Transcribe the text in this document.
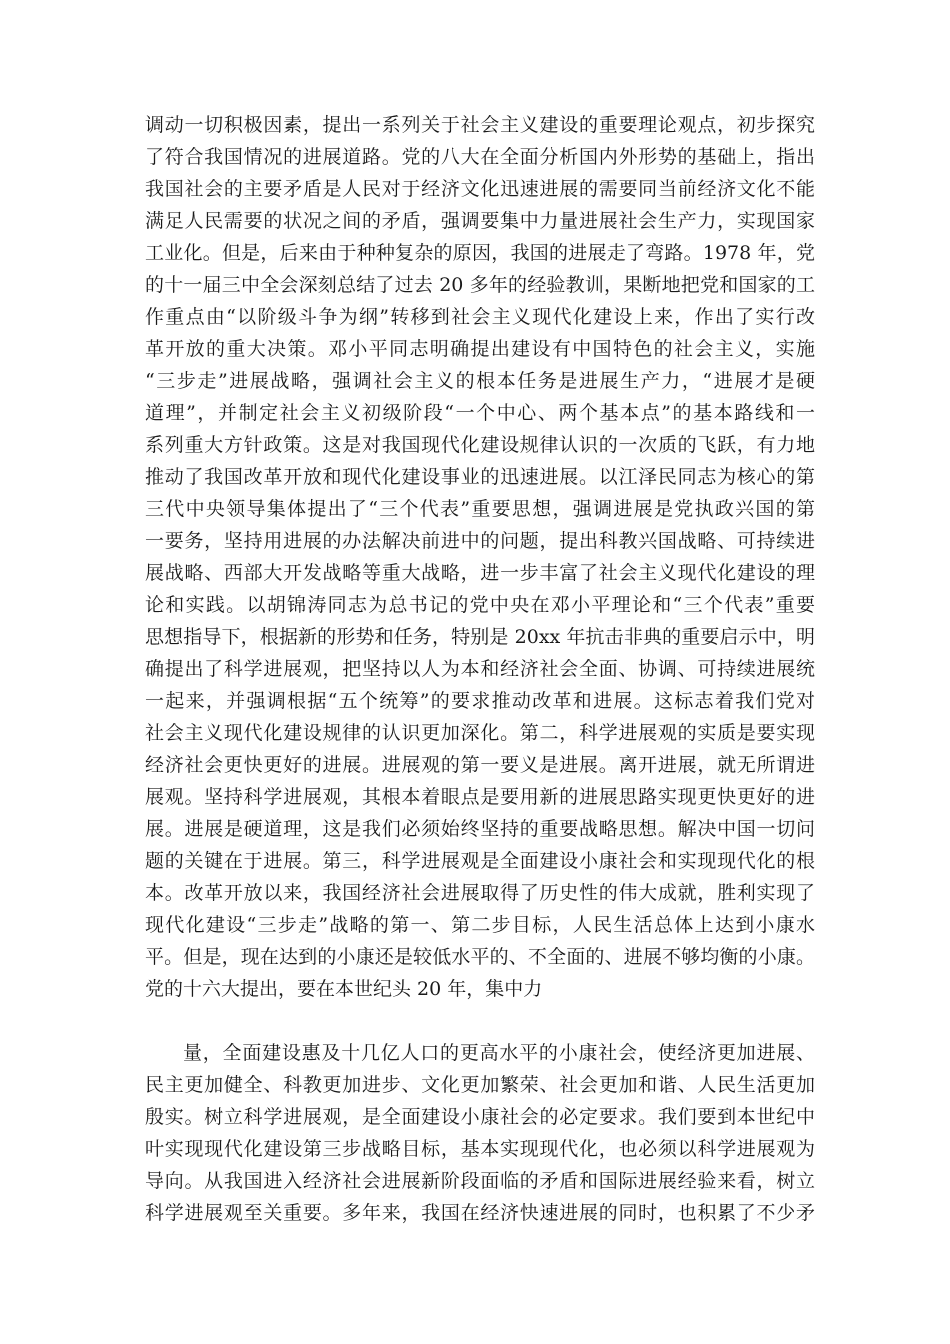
调动一切积极因素，提出一系列关于社会主义建设的重要理论观点，初步探究
了符合我国情况的进展道路。党的八大在全面分析国内外形势的基础上，指出
我国社会的主要矛盾是人民对于经济文化迅速进展的需要同当前经济文化不能
满足人民需要的状况之间的矛盾，强调要集中力量进展社会生产力，实现国家
工业化。但是，后来由于种种复杂的原因，我国的进展走了弯路。1978 年，党
的十一届三中全会深刻总结了过去 20 多年的经验教训，果断地把党和国家的工
作重点由“以阶级斗争为纲”转移到社会主义现代化建设上来，作出了实行改
革开放的重大决策。邓小平同志明确提出建设有中国特色的社会主义，实施
“三步走”进展战略，强调社会主义的根本任务是进展生产力，“进展才是硬
道理”，并制定社会主义初级阶段“一个中心、两个基本点”的基本路线和一
系列重大方针政策。这是对我国现代化建设规律认识的一次质的飞跃，有力地
推动了我国改革开放和现代化建设事业的迅速进展。以江泽民同志为核心的第
三代中央领导集体提出了“三个代表”重要思想，强调进展是党执政兴国的第
一要务，坚持用进展的办法解决前进中的问题，提出科教兴国战略、可持续进
展战略、西部大开发战略等重大战略，进一步丰富了社会主义现代化建设的理
论和实践。以胡锦涛同志为总书记的党中央在邓小平理论和“三个代表”重要
思想指导下，根据新的形势和任务，特别是 20xx 年抗击非典的重要启示中，明
确提出了科学进展观，把坚持以人为本和经济社会全面、协调、可持续进展统
一起来，并强调根据“五个统筹”的要求推动改革和进展。这标志着我们党对
社会主义现代化建设规律的认识更加深化。第二，科学进展观的实质是要实现
经济社会更快更好的进展。进展观的第一要义是进展。离开进展，就无所谓进
展观。坚持科学进展观，其根本着眼点是要用新的进展思路实现更快更好的进
展。进展是硬道理，这是我们必须始终坚持的重要战略思想。解决中国一切问
题的关键在于进展。第三，科学进展观是全面建设小康社会和实现现代化的根
本。改革开放以来，我国经济社会进展取得了历史性的伟大成就，胜利实现了
现代化建设“三步走”战略的第一、第二步目标，人民生活总体上达到小康水
平。但是，现在达到的小康还是较低水平的、不全面的、进展不够均衡的小康。
党的十六大提出，要在本世纪头 20 年，集中力
量，全面建设惠及十几亿人口的更高水平的小康社会，使经济更加进展、
民主更加健全、科教更加进步、文化更加繁荣、社会更加和谐、人民生活更加
殷实。树立科学进展观，是全面建设小康社会的必定要求。我们要到本世纪中
叶实现现代化建设第三步战略目标，基本实现现代化，也必须以科学进展观为
导向。从我国进入经济社会进展新阶段面临的矛盾和国际进展经验来看，树立
科学进展观至关重要。多年来，我国在经济快速进展的同时，也积累了不少矛
